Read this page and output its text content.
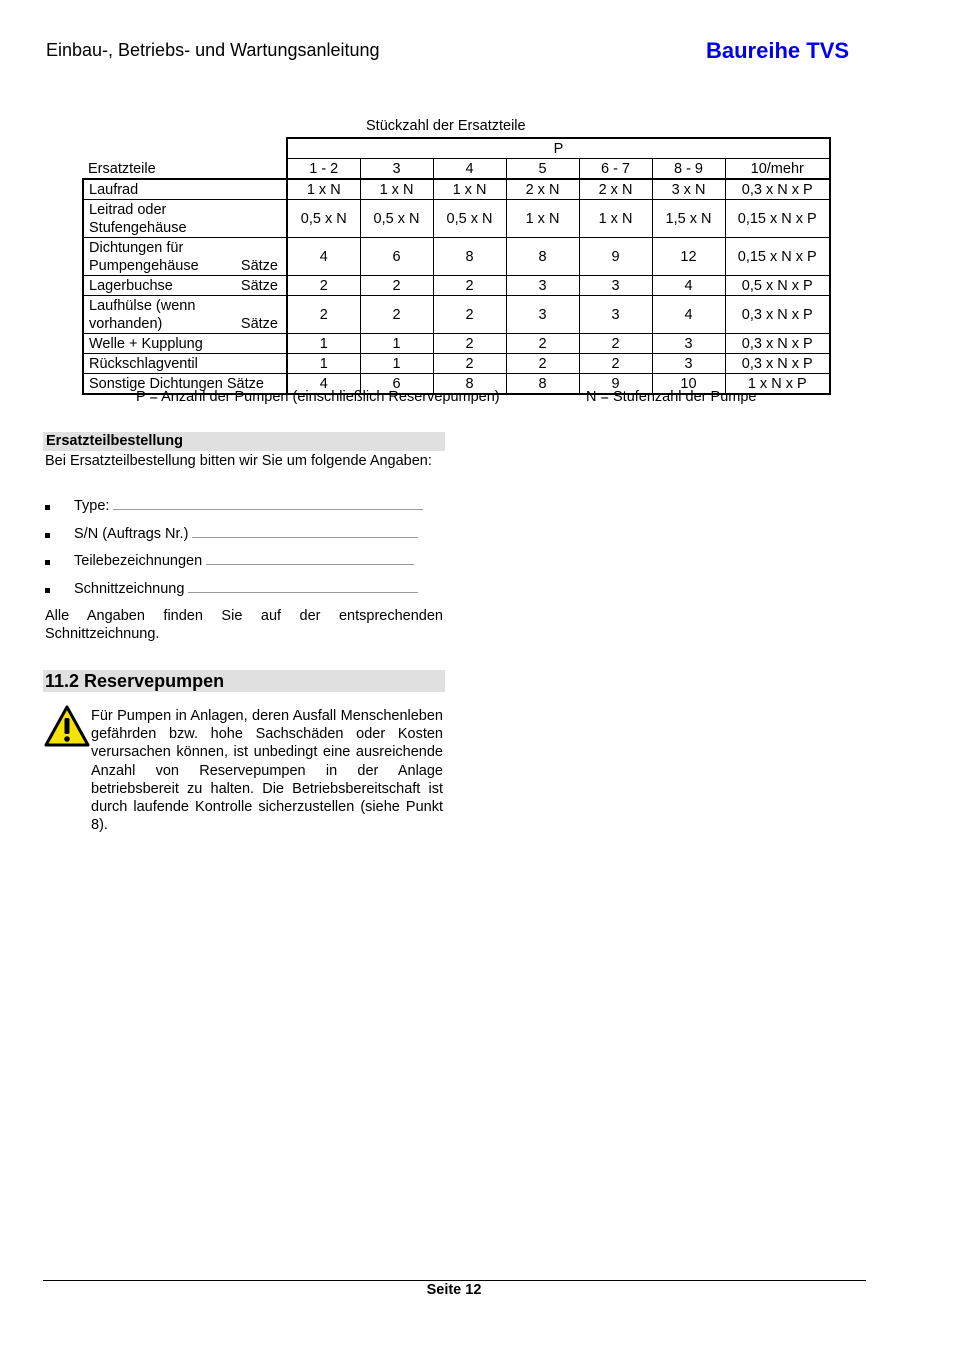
Einbau-, Betriebs- und Wartungsanleitung	Baureihe TVS
Stückzahl der Ersatzteile
	P						
Ersatzteile	1 - 2	3	4	5	6 - 7	8 - 9	10/mehr
Laufrad	1 x N	1 x N	1 x N	2 x N	2 x N	3 x N	0,3 x N x P

Leitrad oder
Stufengehäuse	0,5 x N	0,5 x N	0,5 x N	1 x N	1 x N	1,5 x N	0,15 x N x P

Dichtungen für
Pumpengehäuse Sätze	4	6	8	8	9	12	0,15 x N x P

Lagerbuchse Sätze	2	2	2	3	3	4	0,5 x N x P

Laufhülse (wenn
vorhanden) Sätze	2	2	2	3	3	4	0,3 x N x P
Welle + Kupplung	1	1	2	2	2	3	0,3 x N x P
Rückschlagventil	1	1	2	2	2	3	0,3 x N x P
Sonstige Dichtungen Sätze	4	6	8	8	9	10	1 x N x P
P = Anzahl der Pumpen (einschließlich Reservepumpen)	N = Stufenzahl der Pumpe
Ersatzteilbestellung
Bei Ersatzteilbestellung bitten wir Sie um folgende Angaben:
Type:
S/N (Auftrags Nr.)
Teilebezeichnungen
Schnittzeichnung
Alle Angaben finden Sie auf der entsprechenden Schnittzeichnung.
11.2 Reservepumpen
Für Pumpen in Anlagen, deren Ausfall Menschenleben gefährden bzw. hohe Sachschäden oder Kosten verursachen können, ist unbedingt eine ausreichende Anzahl von Reservepumpen in der Anlage betriebsbereit zu halten. Die Betriebsbereitschaft ist durch laufende Kontrolle sicherzustellen (siehe Punkt 8).
Seite 12
